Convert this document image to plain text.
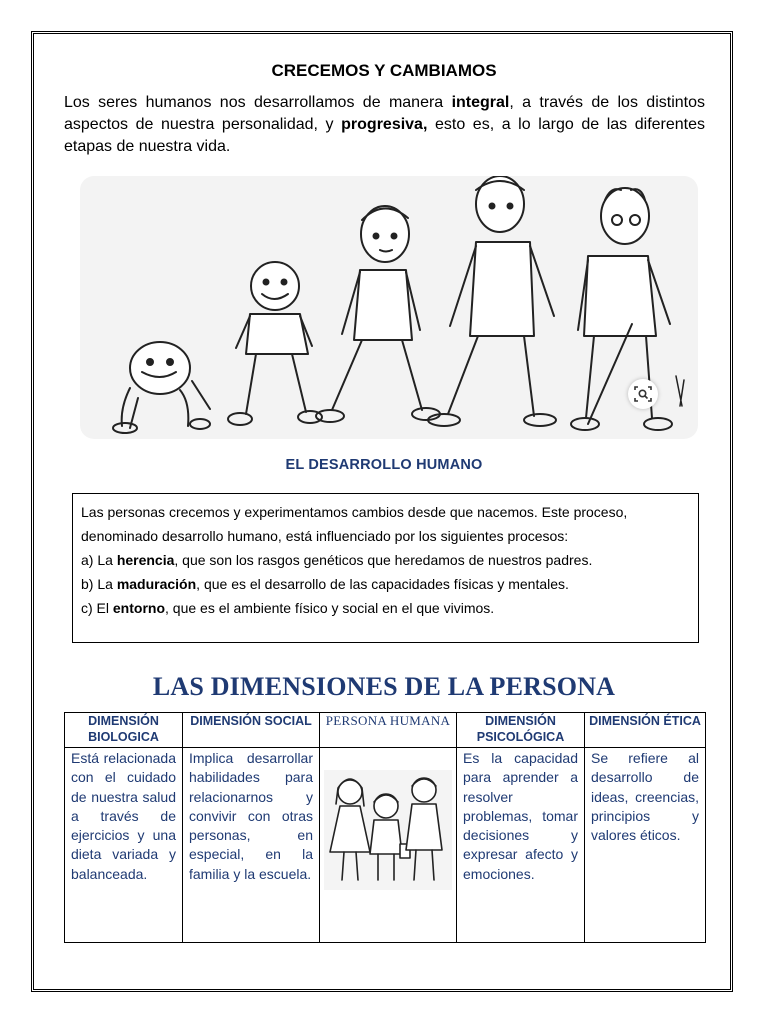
CRECEMOS Y CAMBIAMOS
Los seres humanos nos desarrollamos de manera integral, a través de los distintos aspectos de nuestra personalidad, y progresiva, esto es, a lo largo de las diferentes etapas de nuestra vida.
EL DESARROLLO HUMANO

Las personas crecemos y experimentamos cambios desde que nacemos. Este proceso, denominado desarrollo humano, está influenciado por los siguientes procesos:

a) La herencia, que son los rasgos genéticos que heredamos de nuestros padres.

b) La maduración, que es el desarrollo de las capacidades físicas y mentales.

c) El entorno, que es el ambiente físico y social en el que vivimos.

LAS DIMENSIONES DE LA PERSONA
DIMENSIÓN BIOLOGICA	DIMENSIÓN SOCIAL	PERSONA HUMANA	DIMENSIÓN PSICOLÓGICA	DIMENSIÓN ÉTICA
Está relacionada con el cuidado de nuestra salud a través de ejercicios y una dieta variada y balanceada.	Implica desarrollar habilidades para relacionarnos y convivir con otras personas, en especial, en la familia y la escuela.		Es la capacidad para aprender a resolver problemas, tomar decisiones y expresar afecto y emociones.	Se refiere al desarrollo de ideas, creencias, principios y valores éticos.
